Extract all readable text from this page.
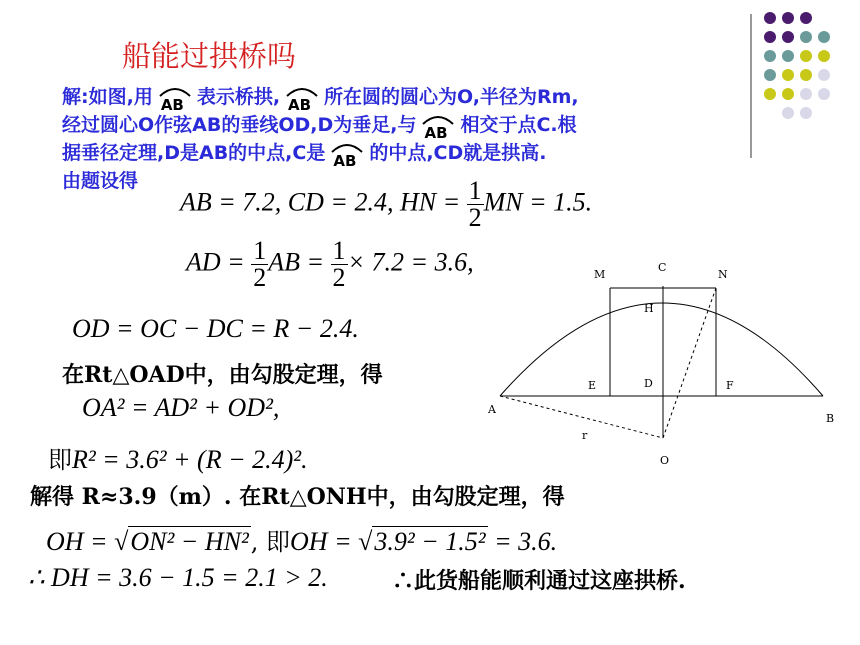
船能过拱桥吗
解:如图,用 AB 表示桥拱, AB 所在圆的圆心为O,半径为Rm,
经过圆心O作弦AB的垂线OD,D为垂足,与 AB 相交于点C.根
据垂径定理,D是AB的中点,C是 AB 的中点,CD就是拱高.
由题设得
AB = 7.2, CD = 2.4, HN = $\frac{1}{2}$ MN = 1.5.
AD = $\frac{1}{2}$ AB = $\frac{1}{2} \times 7.2 = 3.6$,
OD = OC − DC = R − 2.4.
在Rt△OAD中，由勾股定理，得
OA² = AD² + OD²,
即R² = 3.6² + (R − 2.4)².
解得 R≈3.9（m）. 在Rt△ONH中，由勾股定理，得
OH = √ON² − HN², 即OH = √3.9² − 1.5² = 3.6.
∴ DH = 3.6 − 1.5 = 2.1 > 2.	∴此货船能顺利通过这座拱桥.
M
C
N
H
E	D	F
A
B
r
O
